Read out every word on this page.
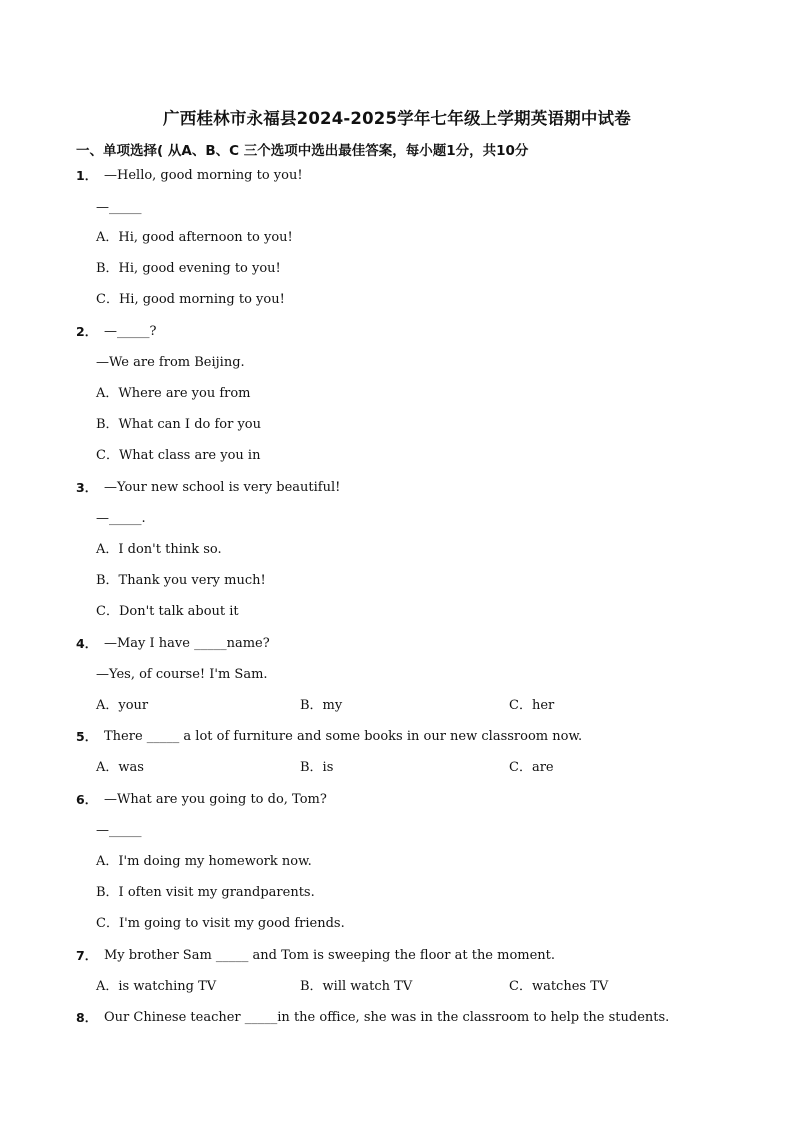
广西桂林市永福县2024-2025学年七年级上学期英语期中试卷
一、单项选择( 从A、B、C 三个选项中选出最佳答案，每小题1分，共10分
1． —Hello, good morning to you!
—_____
A．Hi, good afternoon to you!
B．Hi, good evening to you!
C．Hi, good morning to you!
2． —_____?
—We are from Beijing.
A．Where are you from
B．What can I do for you
C．What class are you in
3． —Your new school is very beautiful!
—_____.
A．I don't think so.
B．Thank you very much!
C．Don't talk about it
4． —May I have _____name?
—Yes, of course! I'm Sam.
A．your	B．my	C．her
5． There _____ a lot of furniture and some books in our new classroom now.
A．was	B．is	C．are
6． —What are you going to do, Tom?
—_____
A．I'm doing my homework now.
B．I often visit my grandparents.
C．I'm going to visit my good friends.
7． My brother Sam _____ and Tom is sweeping the floor at the moment.
A．is watching TV	B．will watch TV	C．watches TV
8． Our Chinese teacher _____in the office, she was in the classroom to help the students.
